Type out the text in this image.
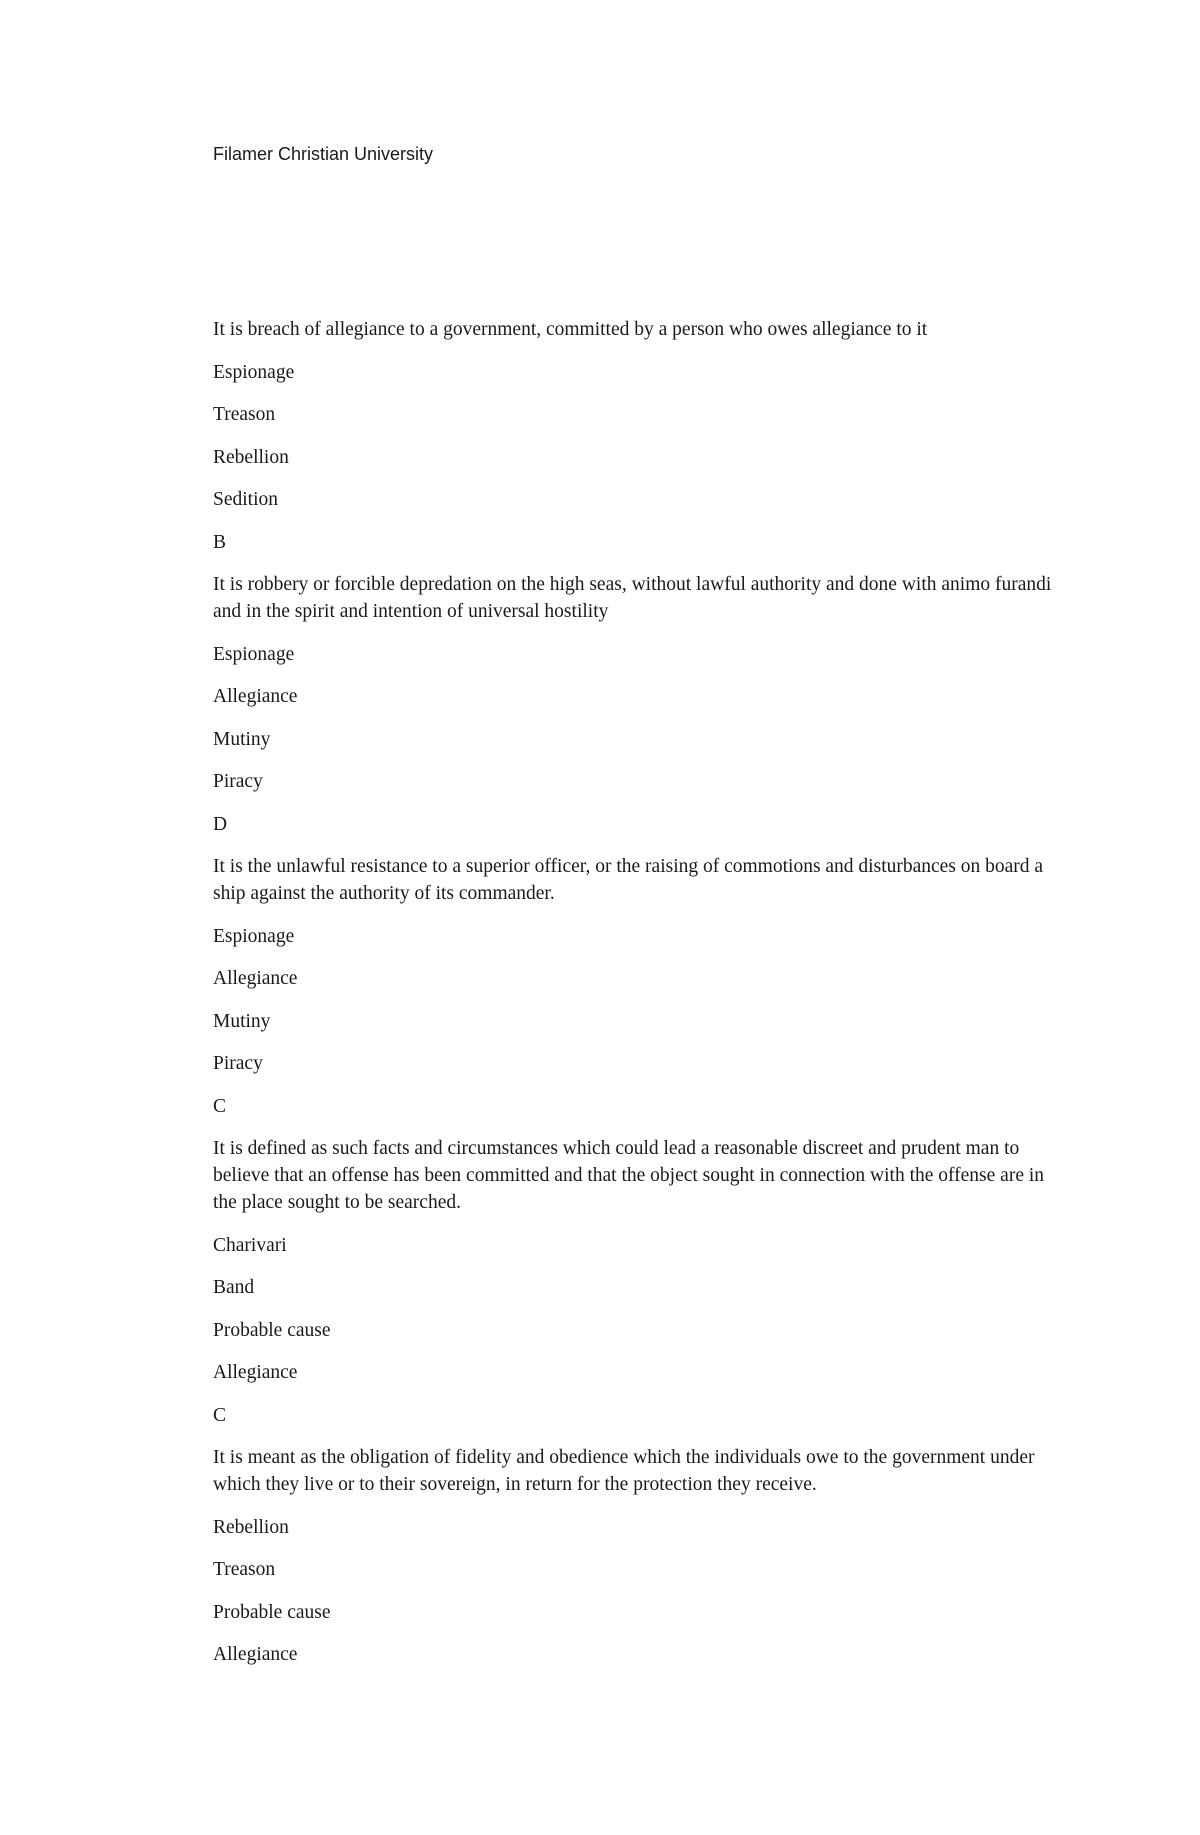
Filamer Christian University
It is breach of allegiance to a government, committed by a person who owes allegiance to it
Espionage
Treason
Rebellion
Sedition
B
It is robbery or forcible depredation on the high seas, without lawful authority and done with animo furandi and in the spirit and intention of universal hostility
Espionage
Allegiance
Mutiny
Piracy
D
It is the unlawful resistance to a superior officer, or the raising of commotions and disturbances on board a ship against the authority of its commander.
Espionage
Allegiance
Mutiny
Piracy
C
It is defined as such facts and circumstances which could lead a reasonable discreet and prudent man to believe that an offense has been committed and that the object sought in connection with the offense are in the place sought to be searched.
Charivari
Band
Probable cause
Allegiance
C
It is meant as the obligation of fidelity and obedience which the individuals owe to the government under which they live or to their sovereign, in return for the protection they receive.
Rebellion
Treason
Probable cause
Allegiance
